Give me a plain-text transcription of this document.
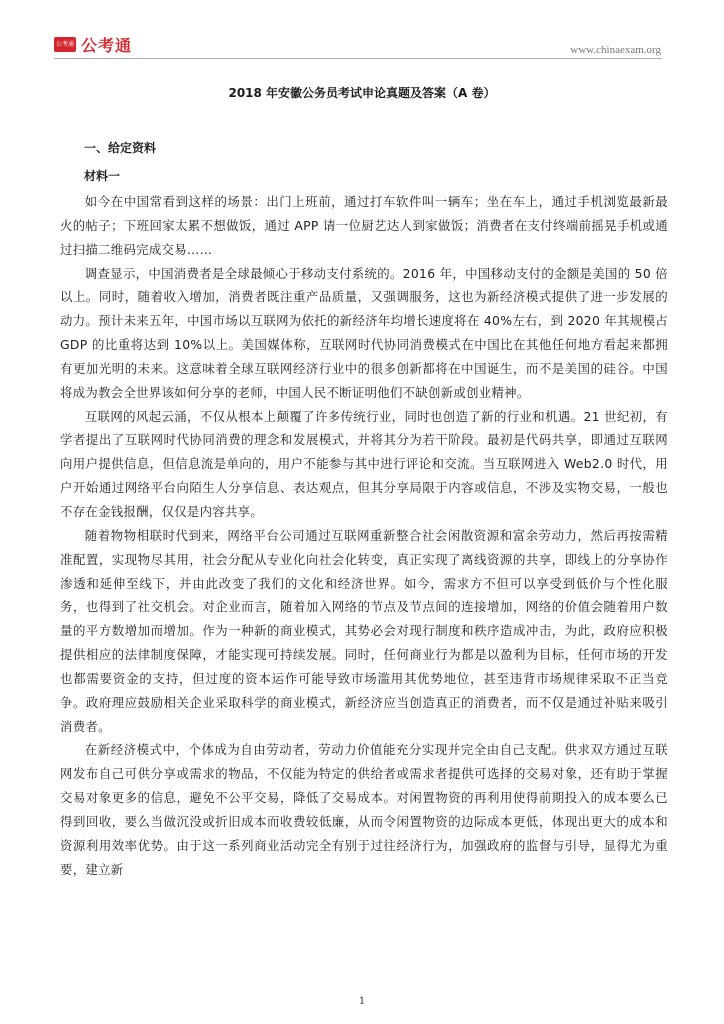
公考通 公考通	www.chinaexam.org
2018 年安徽公务员考试申论真题及答案（A 卷）
一、给定资料
材料一

如今在中国常看到这样的场景：出门上班前，通过打车软件叫一辆车；坐在车上，通过手机浏览最新最火的帖子；下班回家太累不想做饭，通过 APP 请一位厨艺达人到家做饭；消费者在支付终端前摇晃手机或通过扫描二维码完成交易……

调查显示，中国消费者是全球最倾心于移动支付系统的。2016 年，中国移动支付的金额是美国的 50 倍以上。同时，随着收入增加，消费者既注重产品质量，又强调服务，这也为新经济模式提供了进一步发展的动力。预计未来五年，中国市场以互联网为依托的新经济年均增长速度将在 40%左右，到 2020 年其规模占 GDP 的比重将达到 10%以上。美国媒体称，互联网时代协同消费模式在中国比在其他任何地方看起来都拥有更加光明的未来。这意味着全球互联网经济行业中的很多创新都将在中国诞生，而不是美国的硅谷。中国将成为教会全世界该如何分享的老师，中国人民不断证明他们不缺创新或创业精神。

互联网的风起云涌，不仅从根本上颠覆了许多传统行业，同时也创造了新的行业和机遇。21 世纪初，有学者提出了互联网时代协同消费的理念和发展模式，并将其分为若干阶段。最初是代码共享，即通过互联网向用户提供信息，但信息流是单向的，用户不能参与其中进行评论和交流。当互联网进入 Web2.0 时代，用户开始通过网络平台向陌生人分享信息、表达观点，但其分享局限于内容或信息，不涉及实物交易，一般也不存在金钱报酬，仅仅是内容共享。

随着物物相联时代到来，网络平台公司通过互联网重新整合社会闲散资源和富余劳动力，然后再按需精准配置，实现物尽其用，社会分配从专业化向社会化转变，真正实现了离线资源的共享，即线上的分享协作渗透和延伸至线下，并由此改变了我们的文化和经济世界。如今，需求方不但可以享受到低价与个性化服务，也得到了社交机会。对企业而言，随着加入网络的节点及节点间的连接增加，网络的价值会随着用户数量的平方数增加而增加。作为一种新的商业模式，其势必会对现行制度和秩序造成冲击，为此，政府应积极提供相应的法律制度保障，才能实现可持续发展。同时，任何商业行为都是以盈利为目标，任何市场的开发也都需要资金的支持，但过度的资本运作可能导致市场滥用其优势地位，甚至违背市场规律采取不正当竞争。政府理应鼓励相关企业采取科学的商业模式，新经济应当创造真正的消费者，而不仅是通过补贴来吸引消费者。

在新经济模式中，个体成为自由劳动者，劳动力价值能充分实现并完全由自己支配。供求双方通过互联网发布自己可供分享或需求的物品，不仅能为特定的供给者或需求者提供可选择的交易对象，还有助于掌握交易对象更多的信息，避免不公平交易，降低了交易成本。对闲置物资的再利用使得前期投入的成本要么已得到回收，要么当做沉没或折旧成本而收费较低廉，从而令闲置物资的边际成本更低，体现出更大的成本和资源利用效率优势。由于这一系列商业活动完全有别于过往经济行为，加强政府的监督与引导，显得尤为重要，建立新

1
